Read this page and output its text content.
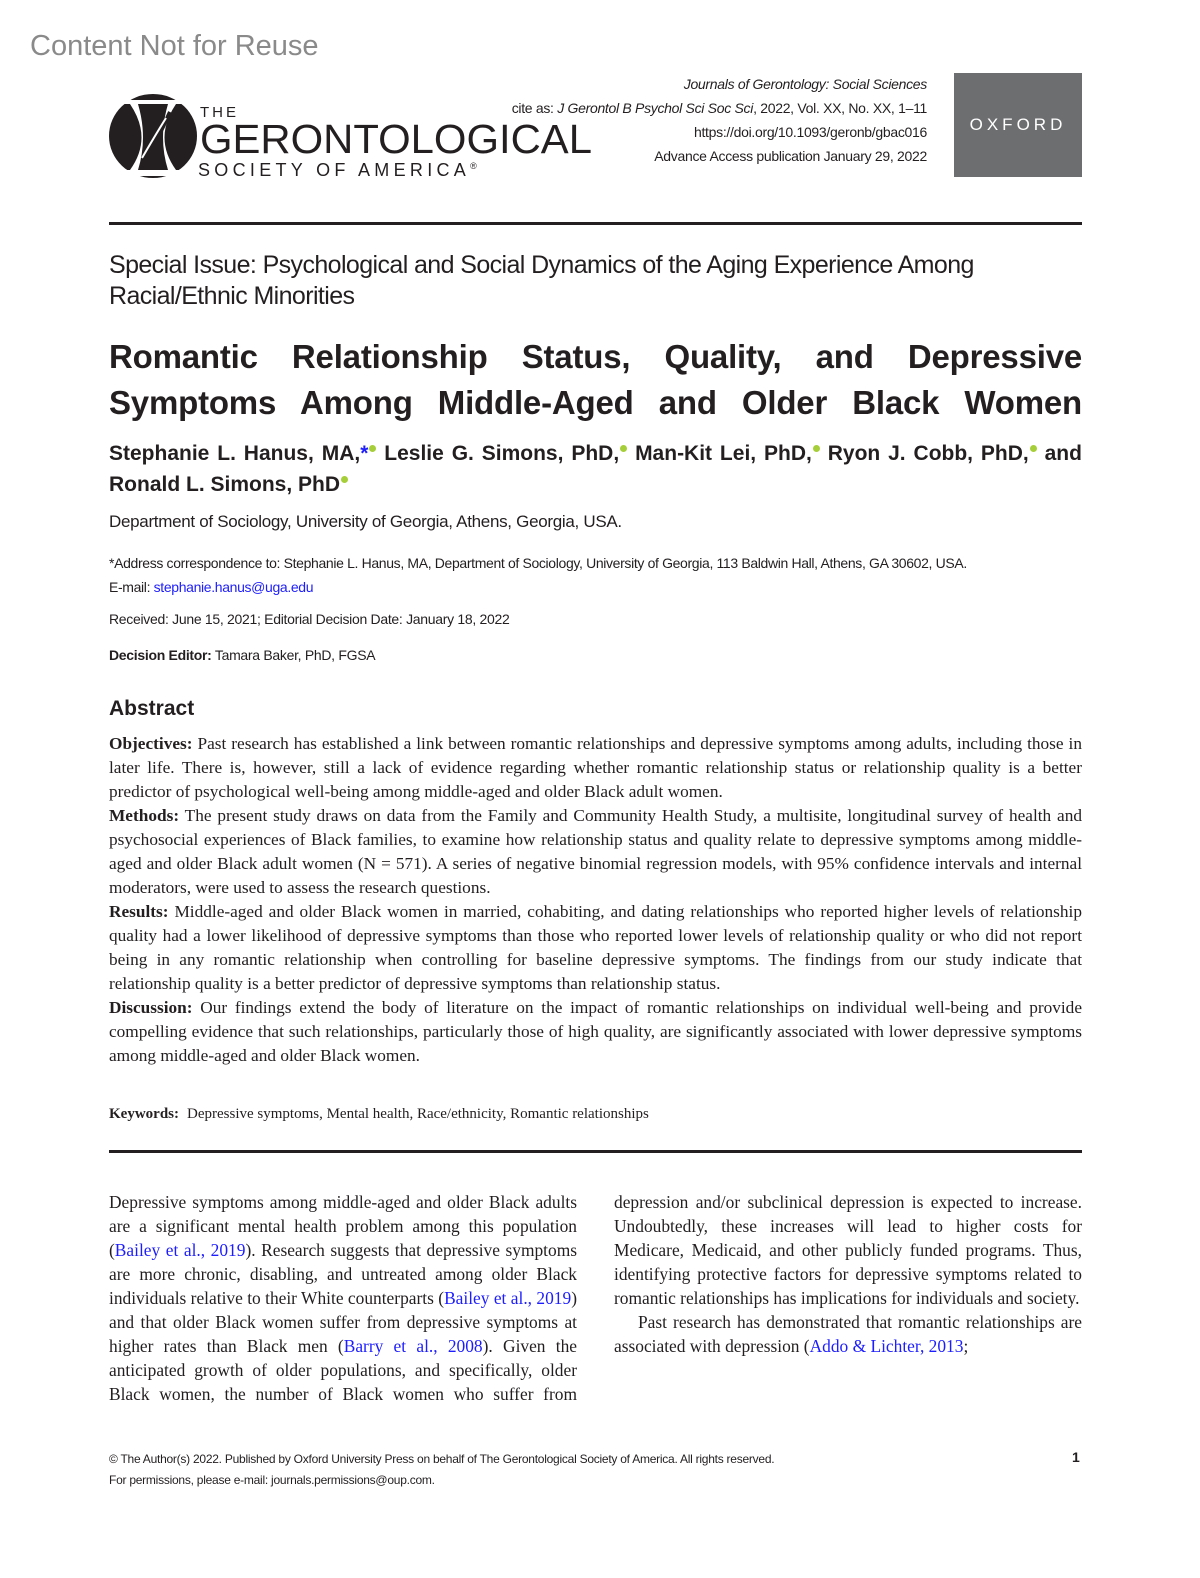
Content Not for Reuse
THE
GERONTOLOGICAL
SOCIETY OF AMERICA®
Journals of Gerontology: Social Sciences
cite as: J Gerontol B Psychol Sci Soc Sci, 2022, Vol. XX, No. XX, 1–11
https://doi.org/10.1093/geronb/gbac016
Advance Access publication January 29, 2022
OXFORD
Special Issue: Psychological and Social Dynamics of the Aging Experience Among Racial/Ethnic Minorities
Romantic Relationship Status, Quality, and Depressive
Symptoms Among Middle-Aged and Older Black Women
Stephanie L. Hanus, MA,* Leslie G. Simons, PhD, Man-Kit Lei, PhD, Ryon J. Cobb, PhD, and Ronald L. Simons, PhD
Department of Sociology, University of Georgia, Athens, Georgia, USA.
*Address correspondence to: Stephanie L. Hanus, MA, Department of Sociology, University of Georgia, 113 Baldwin Hall, Athens, GA 30602, USA.
E-mail: stephanie.hanus@uga.edu
Received: June 15, 2021; Editorial Decision Date: January 18, 2022
Decision Editor: Tamara Baker, PhD, FGSA
Abstract

Objectives: Past research has established a link between romantic relationships and depressive symptoms among adults, including those in later life. There is, however, still a lack of evidence regarding whether romantic relationship status or relationship quality is a better predictor of psychological well-being among middle-aged and older Black adult women.

Methods: The present study draws on data from the Family and Community Health Study, a multisite, longitudinal survey of health and psychosocial experiences of Black families, to examine how relationship status and quality relate to depressive symptoms among middle-aged and older Black adult women (N = 571). A series of negative binomial regression models, with 95% confidence intervals and internal moderators, were used to assess the research questions.

Results: Middle-aged and older Black women in married, cohabiting, and dating relationships who reported higher levels of relationship quality had a lower likelihood of depressive symptoms than those who reported lower levels of relationship quality or who did not report being in any romantic relationship when controlling for baseline depressive symptoms. The findings from our study indicate that relationship quality is a better predictor of depressive symptoms than relationship status.

Discussion: Our findings extend the body of literature on the impact of romantic relationships on individual well-being and provide compelling evidence that such relationships, particularly those of high quality, are significantly associated with lower depressive symptoms among middle-aged and older Black women.

Keywords: Depressive symptoms, Mental health, Race/ethnicity, Romantic relationships

Depressive symptoms among middle-aged and older Black adults are a significant mental health problem among this population (Bailey et al., 2019). Research suggests that depressive symptoms are more chronic, disabling, and untreated among older Black individuals relative to their White counterparts (Bailey et al., 2019) and that older Black women suffer from depressive symptoms at higher rates than Black men (Barry et al., 2008). Given the anticipated growth of older populations, and specifically, older Black women, the number of Black women who suffer from depression and/or subclinical depression is expected to increase. Undoubtedly, these increases will lead to higher costs for Medicare, Medicaid, and other publicly funded programs. Thus, identifying protective factors for depressive symptoms related to romantic relationships has implications for individuals and society.

Past research has demonstrated that romantic relationships are associated with depression (Addo & Lichter, 2013;

© The Author(s) 2022. Published by Oxford University Press on behalf of The Gerontological Society of America. All rights reserved.
For permissions, please e-mail: journals.permissions@oup.com.
1
